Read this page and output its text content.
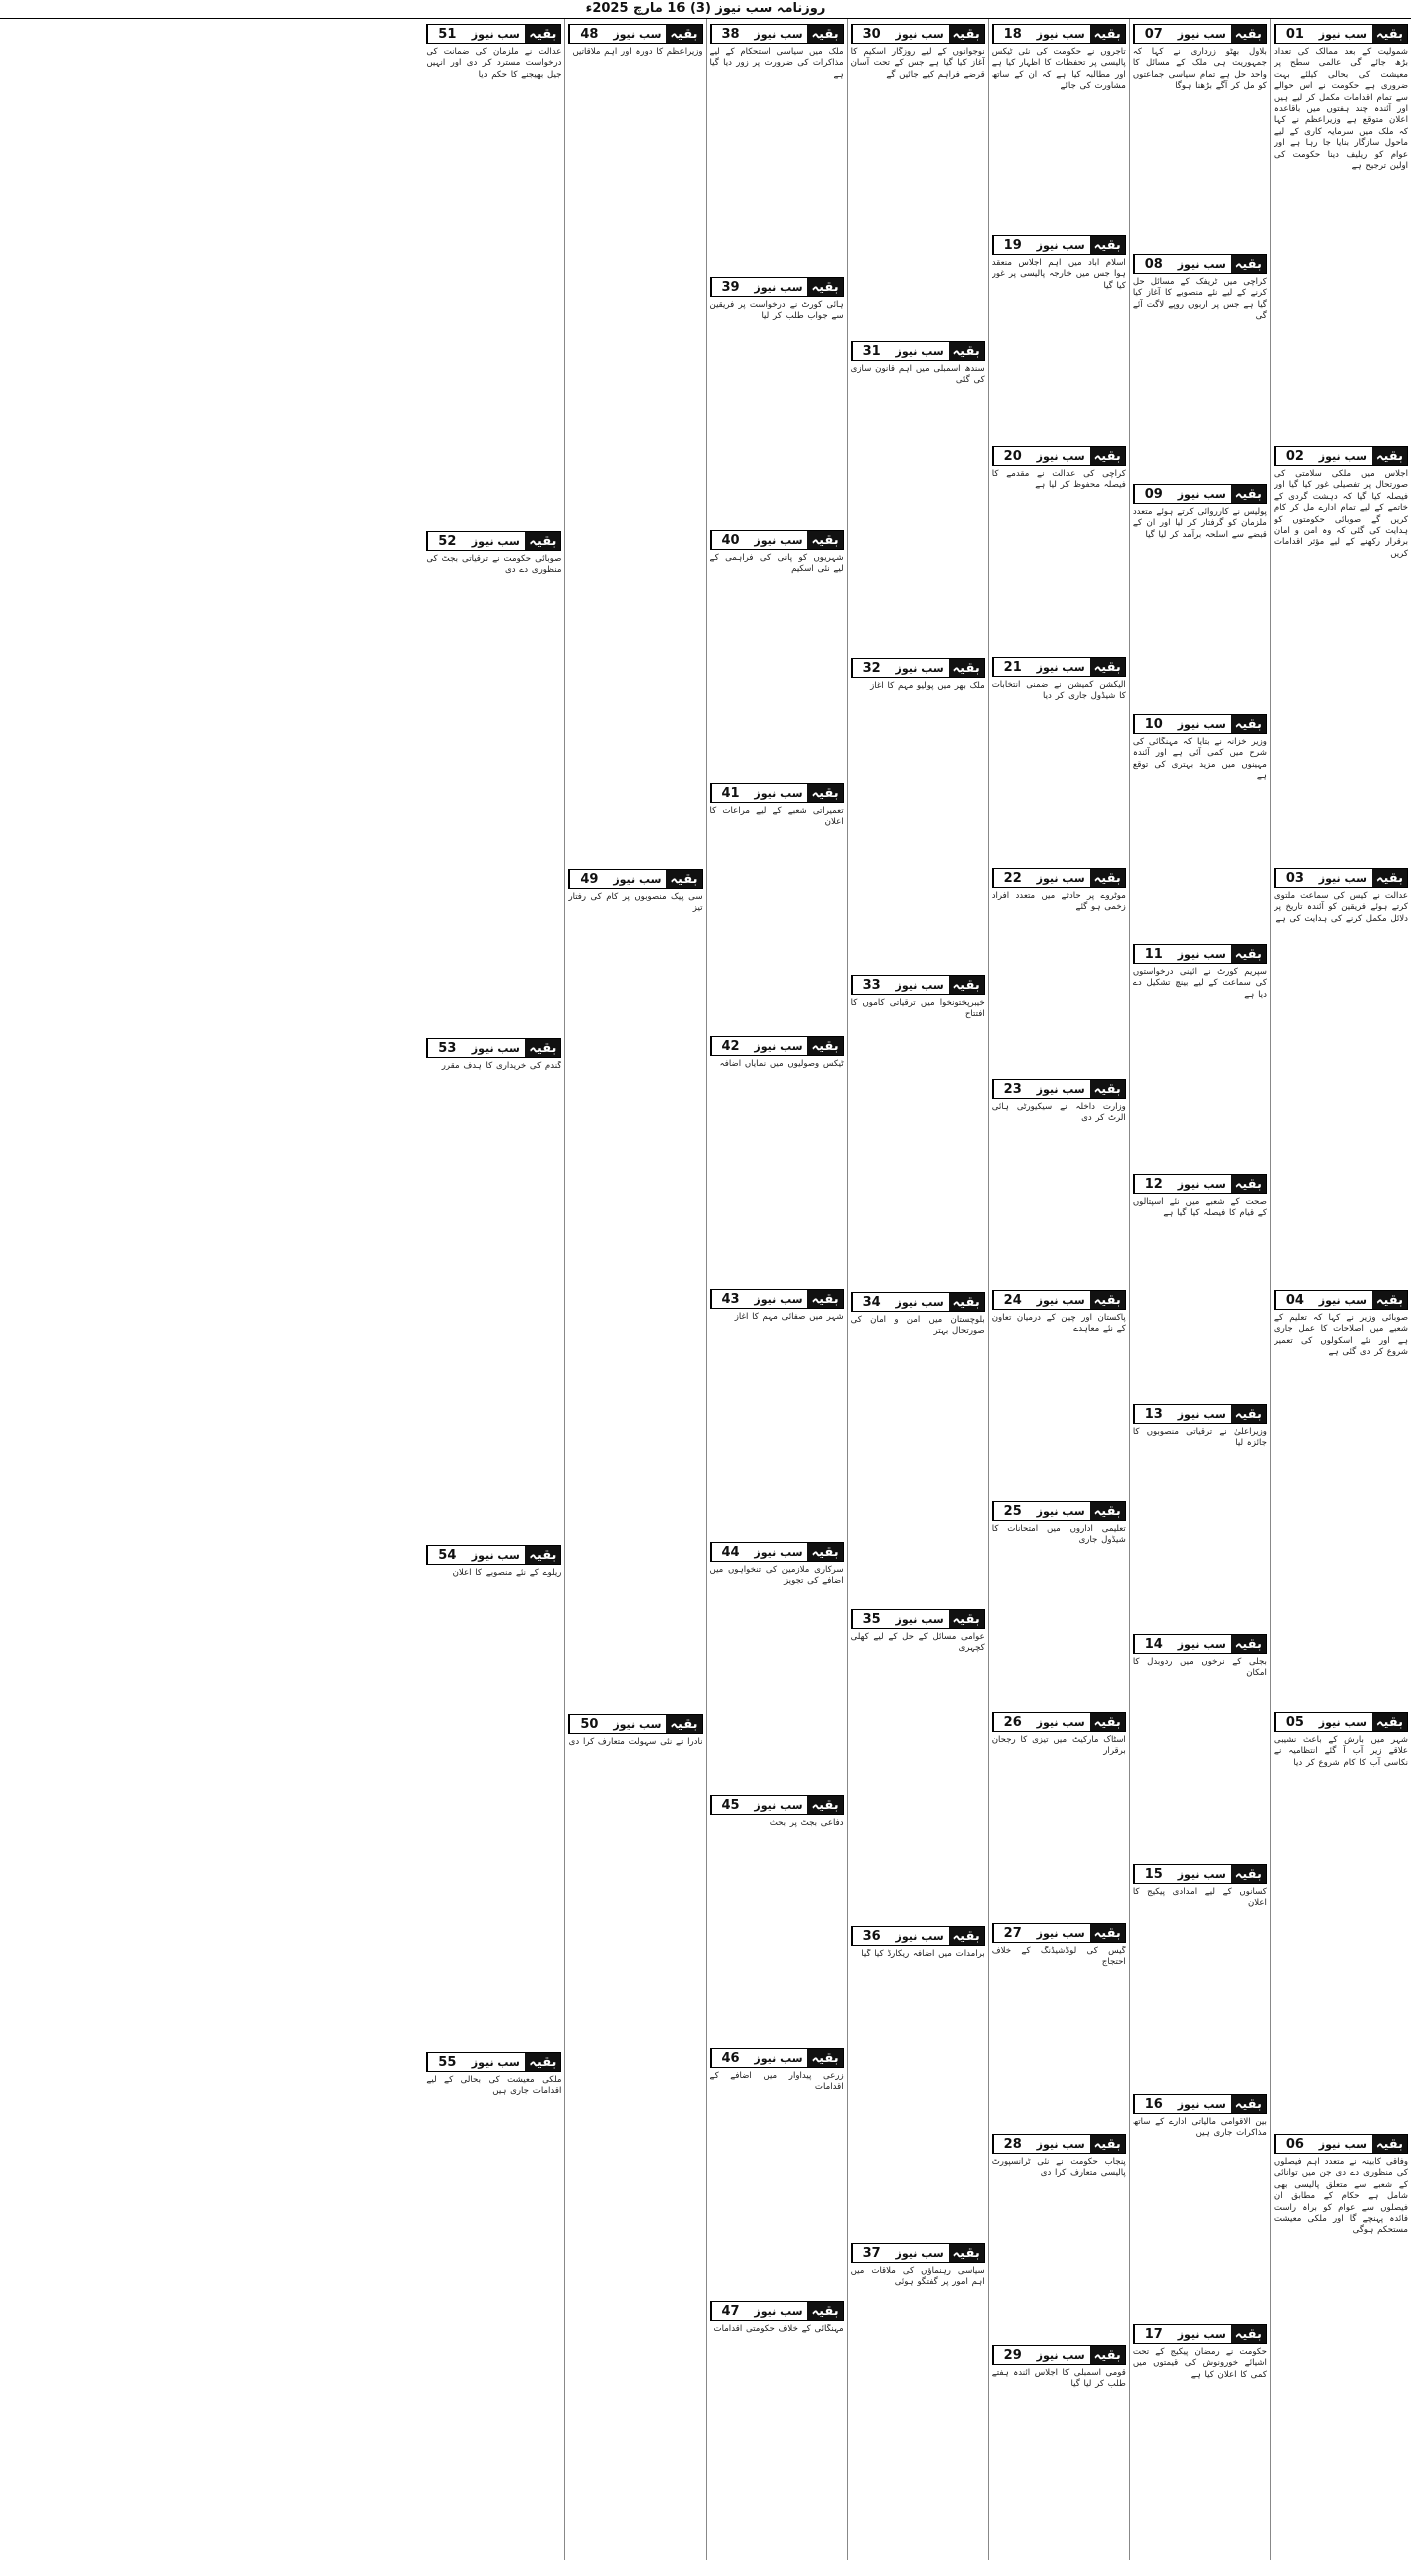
روزنامہ سب نیوز (3) 16 مارچ 2025ء
بقیہ
سب نیوز
01
شمولیت کے بعد ممالک کی تعداد بڑھ جائے گی عالمی سطح پر معیشت کی بحالی کیلئے بہت ضروری ہے حکومت نے اس حوالے سے تمام اقدامات مکمل کر لیے ہیں اور آئندہ چند ہفتوں میں باقاعدہ اعلان متوقع ہے وزیراعظم نے کہا کہ ملک میں سرمایہ کاری کے لیے ماحول سازگار بنایا جا رہا ہے اور عوام کو ریلیف دینا حکومت کی اولین ترجیح ہے
بقیہ
سب نیوز
02
اجلاس میں ملکی سلامتی کی صورتحال پر تفصیلی غور کیا گیا اور فیصلہ کیا گیا کہ دہشت گردی کے خاتمے کے لیے تمام ادارے مل کر کام کریں گے صوبائی حکومتوں کو ہدایت کی گئی کہ وہ امن و امان برقرار رکھنے کے لیے مؤثر اقدامات کریں
بقیہ
سب نیوز
03
عدالت نے کیس کی سماعت ملتوی کرتے ہوئے فریقین کو آئندہ تاریخ پر دلائل مکمل کرنے کی ہدایت کی ہے
بقیہ
سب نیوز
04
صوبائی وزیر نے کہا کہ تعلیم کے شعبے میں اصلاحات کا عمل جاری ہے اور نئے اسکولوں کی تعمیر شروع کر دی گئی ہے
بقیہ
سب نیوز
05
شہر میں بارش کے باعث نشیبی علاقے زیر آب آ گئے انتظامیہ نے نکاسی آب کا کام شروع کر دیا
بقیہ
سب نیوز
06
وفاقی کابینہ نے متعدد اہم فیصلوں کی منظوری دے دی جن میں توانائی کے شعبے سے متعلق پالیسی بھی شامل ہے حکام کے مطابق ان فیصلوں سے عوام کو براہ راست فائدہ پہنچے گا اور ملکی معیشت مستحکم ہوگی
بقیہ
سب نیوز
07
بلاول بھٹو زرداری نے کہا کہ جمہوریت ہی ملک کے مسائل کا واحد حل ہے تمام سیاسی جماعتوں کو مل کر آگے بڑھنا ہوگا
بقیہ
سب نیوز
08
کراچی میں ٹریفک کے مسائل حل کرنے کے لیے نئے منصوبے کا آغاز کیا گیا ہے جس پر اربوں روپے لاگت آئے گی
بقیہ
سب نیوز
09
پولیس نے کارروائی کرتے ہوئے متعدد ملزمان کو گرفتار کر لیا اور ان کے قبضے سے اسلحہ برآمد کر لیا گیا
بقیہ
سب نیوز
10
وزیر خزانہ نے بتایا کہ مہنگائی کی شرح میں کمی آئی ہے اور آئندہ مہینوں میں مزید بہتری کی توقع ہے
بقیہ
سب نیوز
11
سپریم کورٹ نے آئینی درخواستوں کی سماعت کے لیے بینچ تشکیل دے دیا ہے
بقیہ
سب نیوز
12
صحت کے شعبے میں نئے اسپتالوں کے قیام کا فیصلہ کیا گیا ہے
بقیہ
سب نیوز
13
وزیراعلیٰ نے ترقیاتی منصوبوں کا جائزہ لیا
بقیہ
سب نیوز
14
بجلی کے نرخوں میں ردوبدل کا امکان
بقیہ
سب نیوز
15
کسانوں کے لیے امدادی پیکیج کا اعلان
بقیہ
سب نیوز
16
بین الاقوامی مالیاتی ادارے کے ساتھ مذاکرات جاری ہیں
بقیہ
سب نیوز
17
حکومت نے رمضان پیکیج کے تحت اشیائے خورونوش کی قیمتوں میں کمی کا اعلان کیا ہے
بقیہ
سب نیوز
18
تاجروں نے حکومت کی نئی ٹیکس پالیسی پر تحفظات کا اظہار کیا ہے اور مطالبہ کیا ہے کہ ان کے ساتھ مشاورت کی جائے
بقیہ
سب نیوز
19
اسلام آباد میں اہم اجلاس منعقد ہوا جس میں خارجہ پالیسی پر غور کیا گیا
بقیہ
سب نیوز
20
کراچی کی عدالت نے مقدمے کا فیصلہ محفوظ کر لیا ہے
بقیہ
سب نیوز
21
الیکشن کمیشن نے ضمنی انتخابات کا شیڈول جاری کر دیا
بقیہ
سب نیوز
22
موٹروے پر حادثے میں متعدد افراد زخمی ہو گئے
بقیہ
سب نیوز
23
وزارت داخلہ نے سیکیورٹی ہائی الرٹ کر دی
بقیہ
سب نیوز
24
پاکستان اور چین کے درمیان تعاون کے نئے معاہدے
بقیہ
سب نیوز
25
تعلیمی اداروں میں امتحانات کا شیڈول جاری
بقیہ
سب نیوز
26
اسٹاک مارکیٹ میں تیزی کا رجحان برقرار
بقیہ
سب نیوز
27
گیس کی لوڈشیڈنگ کے خلاف احتجاج
بقیہ
سب نیوز
28
پنجاب حکومت نے نئی ٹرانسپورٹ پالیسی متعارف کرا دی
بقیہ
سب نیوز
29
قومی اسمبلی کا اجلاس آئندہ ہفتے طلب کر لیا گیا
بقیہ
سب نیوز
30
نوجوانوں کے لیے روزگار اسکیم کا آغاز کیا گیا ہے جس کے تحت آسان قرضے فراہم کیے جائیں گے
بقیہ
سب نیوز
31
سندھ اسمبلی میں اہم قانون سازی کی گئی
بقیہ
سب نیوز
32
ملک بھر میں پولیو مہم کا آغاز
بقیہ
سب نیوز
33
خیبرپختونخوا میں ترقیاتی کاموں کا افتتاح
بقیہ
سب نیوز
34
بلوچستان میں امن و امان کی صورتحال بہتر
بقیہ
سب نیوز
35
عوامی مسائل کے حل کے لیے کھلی کچہری
بقیہ
سب نیوز
36
برآمدات میں اضافہ ریکارڈ کیا گیا
بقیہ
سب نیوز
37
سیاسی رہنماؤں کی ملاقات میں اہم امور پر گفتگو ہوئی
بقیہ
سب نیوز
38
ملک میں سیاسی استحکام کے لیے مذاکرات کی ضرورت پر زور دیا گیا ہے
بقیہ
سب نیوز
39
ہائی کورٹ نے درخواست پر فریقین سے جواب طلب کر لیا
بقیہ
سب نیوز
40
شہریوں کو پانی کی فراہمی کے لیے نئی اسکیم
بقیہ
سب نیوز
41
تعمیراتی شعبے کے لیے مراعات کا اعلان
بقیہ
سب نیوز
42
ٹیکس وصولیوں میں نمایاں اضافہ
بقیہ
سب نیوز
43
شہر میں صفائی مہم کا آغاز
بقیہ
سب نیوز
44
سرکاری ملازمین کی تنخواہوں میں اضافے کی تجویز
بقیہ
سب نیوز
45
دفاعی بجٹ پر بحث
بقیہ
سب نیوز
46
زرعی پیداوار میں اضافے کے اقدامات
بقیہ
سب نیوز
47
مہنگائی کے خلاف حکومتی اقدامات
بقیہ
سب نیوز
48
وزیراعظم کا دورہ اور اہم ملاقاتیں
بقیہ
سب نیوز
49
سی پیک منصوبوں پر کام کی رفتار تیز
بقیہ
سب نیوز
50
نادرا نے نئی سہولت متعارف کرا دی
بقیہ
سب نیوز
51
عدالت نے ملزمان کی ضمانت کی درخواست مسترد کر دی اور انہیں جیل بھیجنے کا حکم دیا
بقیہ
سب نیوز
52
صوبائی حکومت نے ترقیاتی بجٹ کی منظوری دے دی
بقیہ
سب نیوز
53
گندم کی خریداری کا ہدف مقرر
بقیہ
سب نیوز
54
ریلوے کے نئے منصوبے کا اعلان
بقیہ
سب نیوز
55
ملکی معیشت کی بحالی کے لیے اقدامات جاری ہیں
